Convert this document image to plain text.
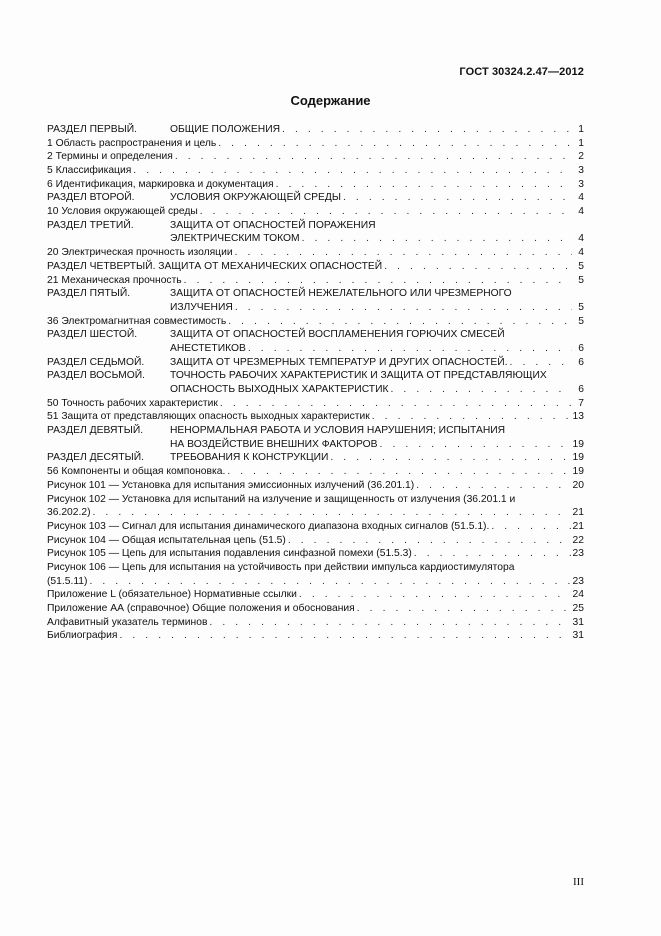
ГОСТ 30324.2.47—2012
Содержание
РАЗДЕЛ ПЕРВЫЙ.	ОБЩИЕ ПОЛОЖЕНИЯ . . .	1
1 Область распространения и цель . . .	1
2 Термины и определения . . .	2
5 Классификация . . .	3
6 Идентификация, маркировка и документация . . .	3
РАЗДЕЛ ВТОРОЙ.	УСЛОВИЯ ОКРУЖАЮЩЕЙ СРЕДЫ . . .	4
10 Условия окружающей среды . . .	4
РАЗДЕЛ ТРЕТИЙ.	ЗАЩИТА ОТ ОПАСНОСТЕЙ ПОРАЖЕНИЯ
ЭЛЕКТРИЧЕСКИМ ТОКОМ . . .	4
20 Электрическая прочность изоляции . . .	4
РАЗДЕЛ ЧЕТВЕРТЫЙ. ЗАЩИТА ОТ МЕХАНИЧЕСКИХ ОПАСНОСТЕЙ . . .	5
21 Механическая прочность . . .	5
РАЗДЕЛ ПЯТЫЙ.	ЗАЩИТА ОТ ОПАСНОСТЕЙ НЕЖЕЛАТЕЛЬНОГО ИЛИ ЧРЕЗМЕРНОГО
ИЗЛУЧЕНИЯ . . .	5
36 Электромагнитная совместимость . . .	5
РАЗДЕЛ ШЕСТОЙ.	ЗАЩИТА ОТ ОПАСНОСТЕЙ ВОСПЛАМЕНЕНИЯ ГОРЮЧИХ СМЕСЕЙ
АНЕСТЕТИКОВ . . .	6
РАЗДЕЛ СЕДЬМОЙ.	ЗАЩИТА ОТ ЧРЕЗМЕРНЫХ ТЕМПЕРАТУР И ДРУГИХ ОПАСНОСТЕЙ. . . .	6
РАЗДЕЛ ВОСЬМОЙ.	ТОЧНОСТЬ РАБОЧИХ ХАРАКТЕРИСТИК И ЗАЩИТА ОТ ПРЕДСТАВЛЯЮЩИХ
ОПАСНОСТЬ ВЫХОДНЫХ ХАРАКТЕРИСТИК . . .	6
50 Точность рабочих характеристик . . .	7
51 Защита от представляющих опасность выходных характеристик . . .	13
РАЗДЕЛ ДЕВЯТЫЙ.	НЕНОРМАЛЬНАЯ РАБОТА И УСЛОВИЯ НАРУШЕНИЯ; ИСПЫТАНИЯ
НА ВОЗДЕЙСТВИЕ ВНЕШНИХ ФАКТОРОВ . . .	19
РАЗДЕЛ ДЕСЯТЫЙ.	ТРЕБОВАНИЯ К КОНСТРУКЦИИ . . .	19
56 Компоненты и общая компоновка. . . .	19
Рисунок 101 — Установка для испытания эмиссионных излучений (36.201.1) . . .	20
Рисунок 102 — Установка для испытаний на излучение и защищенность от излучения (36.201.1 и
36.202.2) . . .	21
Рисунок 103 — Сигнал для испытания динамического диапазона входных сигналов (51.5.1). . . .	21
Рисунок 104 — Общая испытательная цепь (51.5) . . .	22
Рисунок 105 — Цепь для испытания подавления синфазной помехи (51.5.3) . . .	23
Рисунок 106 — Цепь для испытания на устойчивость при действии импульса кардиостимулятора
(51.5.11) . . .	23
Приложение L (обязательное) Нормативные ссылки . . .	24
Приложение АА (справочное) Общие положения и обоснования . . .	25
Алфавитный указатель терминов . . .	31
Библиография . . .	31
III
